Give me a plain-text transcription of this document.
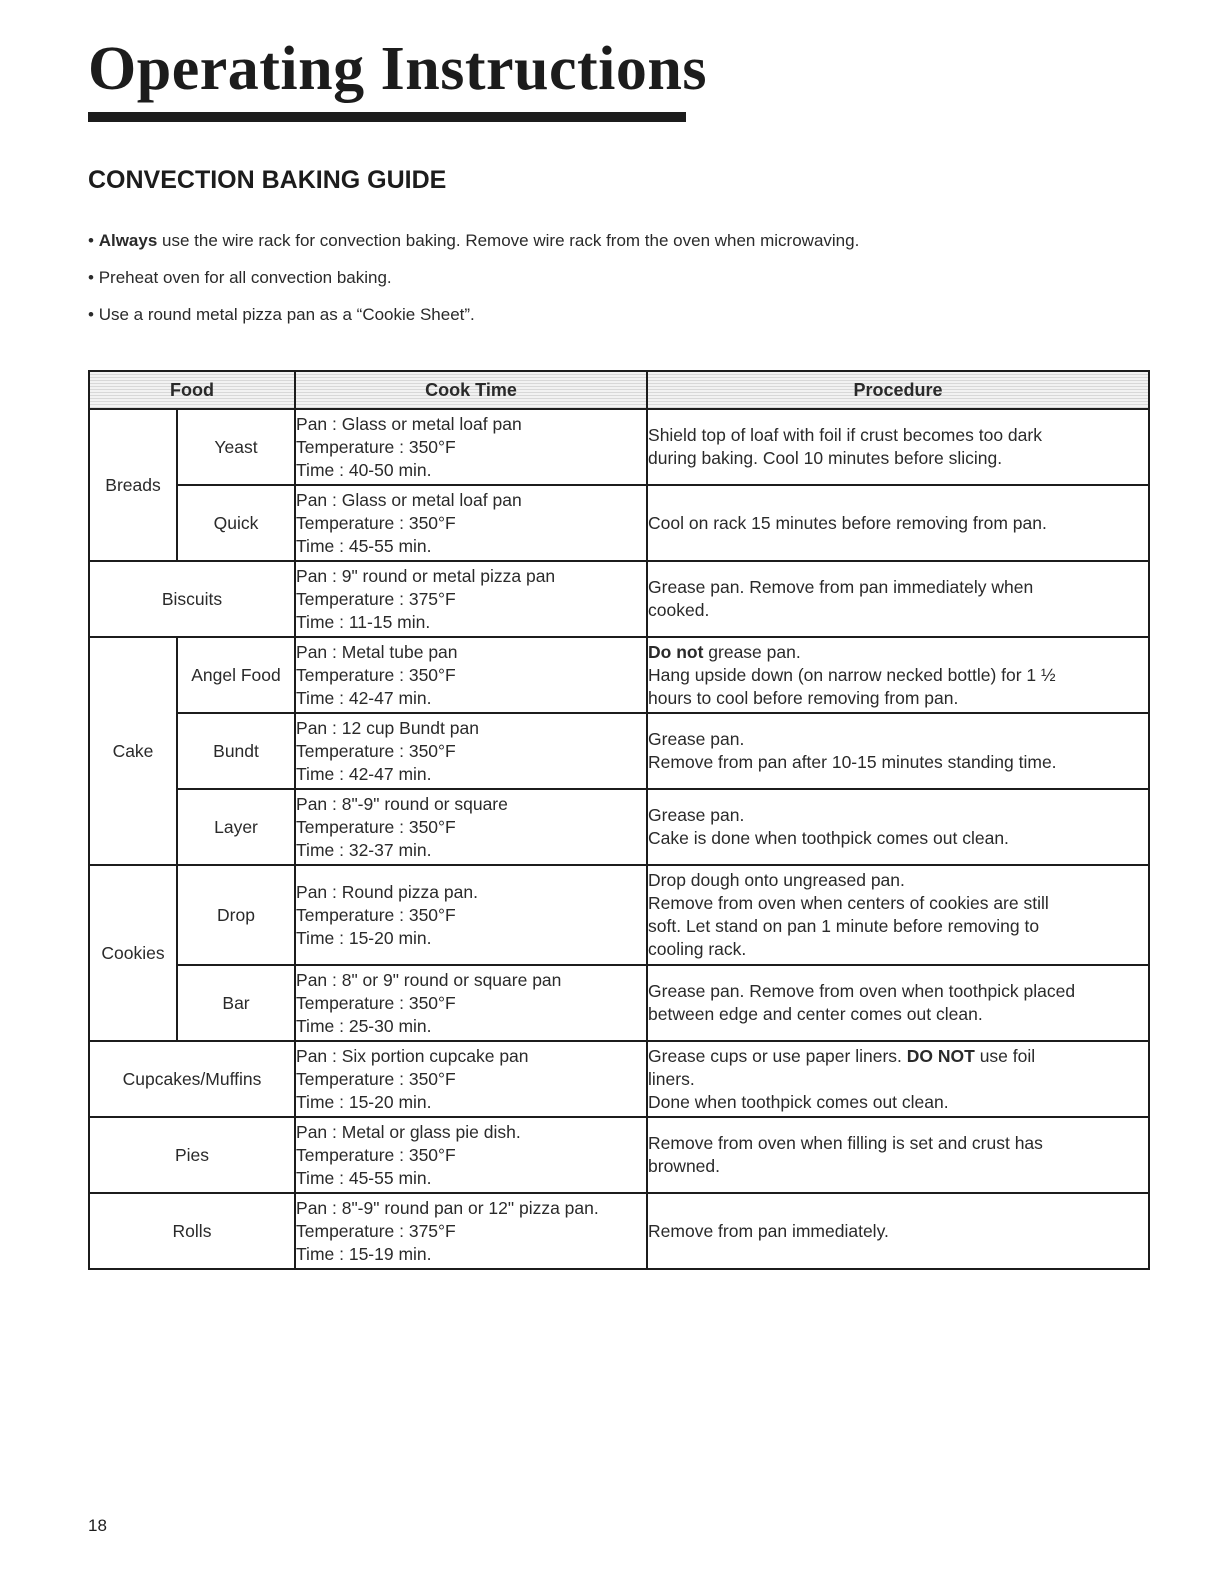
Operating Instructions
CONVECTION BAKING GUIDE
• Always use the wire rack for convection baking. Remove wire rack from the oven when microwaving.
• Preheat oven for all convection baking.
• Use a round metal pizza pan as a “Cookie Sheet”.
Food		Cook Time	Procedure
Breads	Yeast	Pan : Glass or metal loaf pan
Temperature : 350°F
Time : 40-50 min.	Shield top of loaf with foil if crust becomes too dark
during baking. Cool 10 minutes before slicing.

	Quick	Pan : Glass or metal loaf pan
Temperature : 350°F
Time : 45-55 min.	Cool on rack 15 minutes before removing from pan.

Biscuits		Pan : 9" round or metal pizza pan
Temperature : 375°F
Time : 11-15 min.	Grease pan. Remove from pan immediately when
cooked.

Cake	Angel Food	Pan : Metal tube pan
Temperature : 350°F
Time : 42-47 min.	Do not grease pan.
Hang upside down (on narrow necked bottle) for 1 ½
hours to cool before removing from pan.

	Bundt	Pan : 12 cup Bundt pan
Temperature : 350°F
Time : 42-47 min.	Grease pan.
Remove from pan after 10-15 minutes standing time.

	Layer	Pan : 8"-9" round or square
Temperature : 350°F
Time : 32-37 min.	Grease pan.
Cake is done when toothpick comes out clean.

Cookies	Drop	Pan : Round pizza pan.
Temperature : 350°F
Time : 15-20 min.	Drop dough onto ungreased pan.
Remove from oven when centers of cookies are still
soft. Let stand on pan 1 minute before removing to
cooling rack.

	Bar	Pan : 8" or 9" round or square pan
Temperature : 350°F
Time : 25-30 min.	Grease pan. Remove from oven when toothpick placed
between edge and center comes out clean.

Cupcakes/Muffins		Pan : Six portion cupcake pan
Temperature : 350°F
Time : 15-20 min.	Grease cups or use paper liners. DO NOT use foil
liners.
Done when toothpick comes out clean.

Pies		Pan : Metal or glass pie dish.
Temperature : 350°F
Time : 45-55 min.	Remove from oven when filling is set and crust has
browned.

Rolls		Pan : 8"-9" round pan or 12" pizza pan.
Temperature : 375°F
Time : 15-19 min.	Remove from pan immediately.
18
